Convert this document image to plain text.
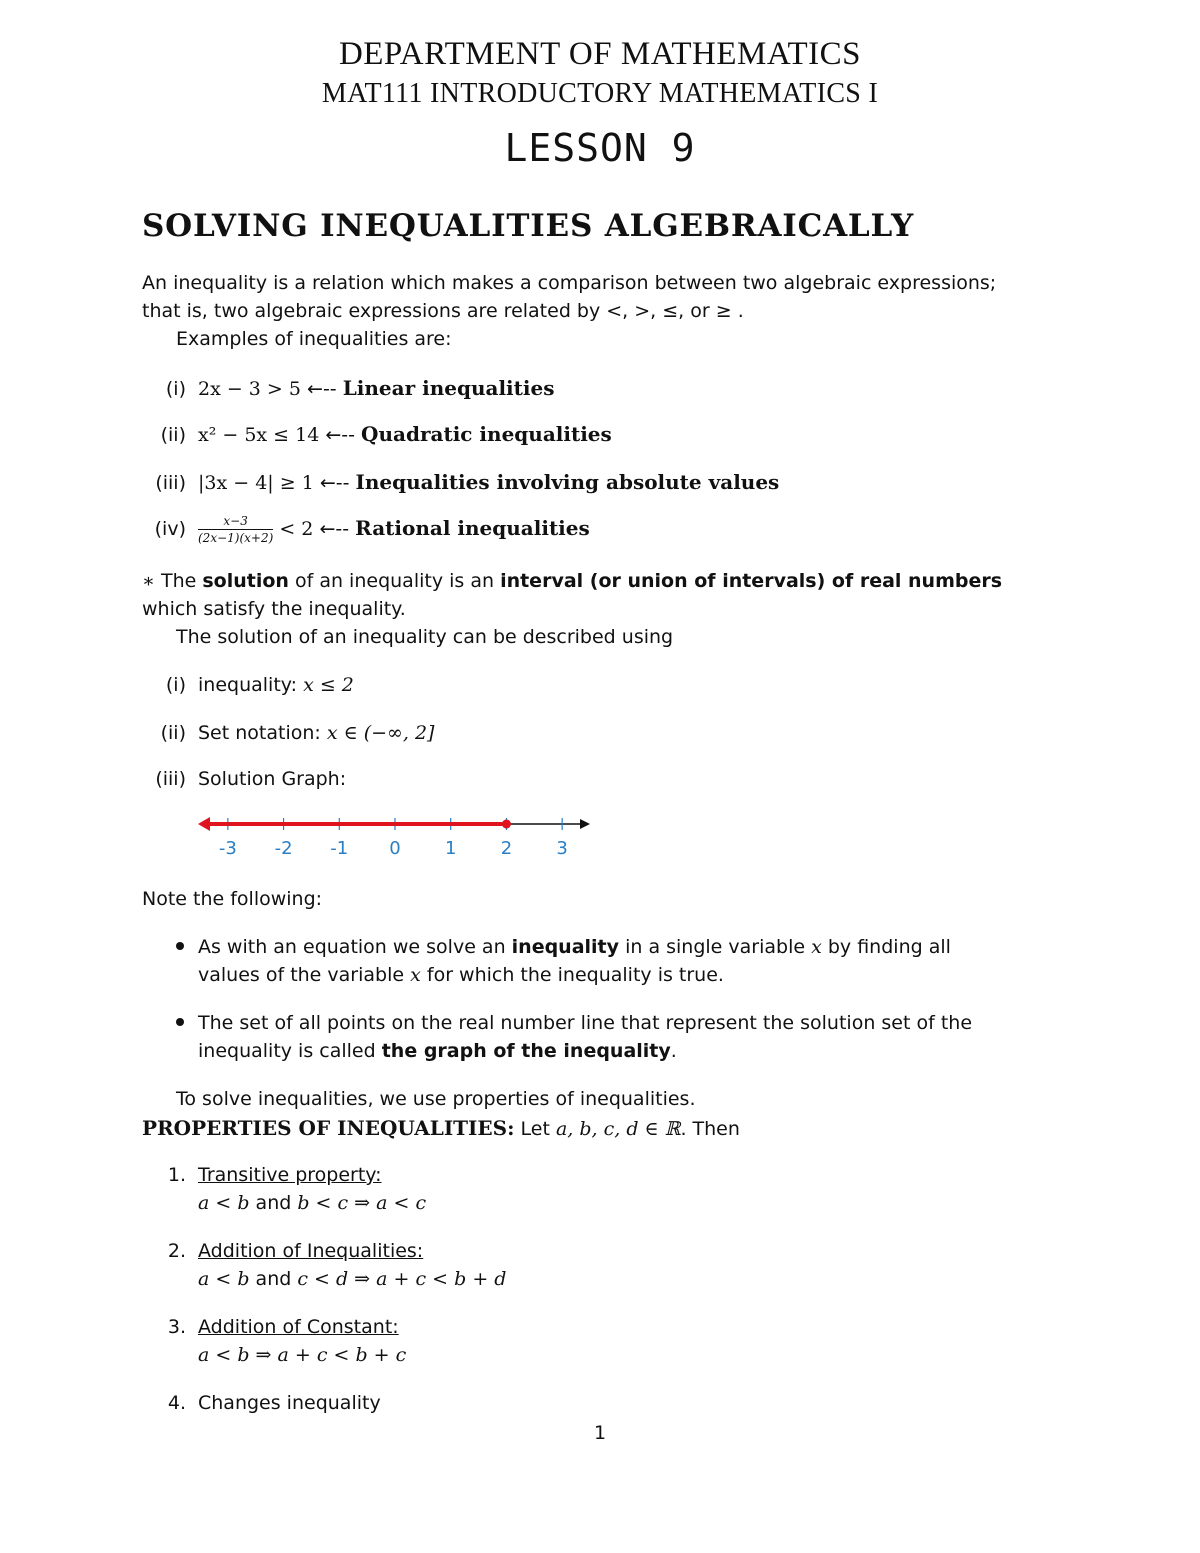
DEPARTMENT OF MATHEMATICS
MAT111 INTRODUCTORY MATHEMATICS I
LESSON 9
SOLVING INEQUALITIES ALGEBRAICALLY
An inequality is a relation which makes a comparison between two algebraic expressions;
that is, two algebraic expressions are related by <, >, ≤, or ≥ .
Examples of inequalities are:
(i) 2x − 3 > 5 ←-- Linear inequalities
(ii) x² − 5x ≤ 14 ←-- Quadratic inequalities
(iii) |3x − 4| ≥ 1 ←-- Inequalities involving absolute values
$(iv) \frac{x-3}{(2x-1)(x+2)} < 2$ ←-- Rational inequalities
∗ The solution of an inequality is an interval (or union of intervals) of real numbers
which satisfy the inequality.
The solution of an inequality can be described using
(i) inequality: x ≤ 2
(ii) Set notation: x ∈ (−∞, 2]
(iii) Solution Graph:
-3 -2 -1 0 1 2 3
Note the following:
As with an equation we solve an inequality in a single variable x by finding all
values of the variable x for which the inequality is true.
The set of all points on the real number line that represent the solution set of the
inequality is called the graph of the inequality.
To solve inequalities, we use properties of inequalities.
PROPERTIES OF INEQUALITIES: Let a, b, c, d ∈ ℝ. Then
1. Transitive property:
a < b and b < c ⇒ a < c
2. Addition of Inequalities:
a < b and c < d ⇒ a + c < b + d
3. Addition of Constant:
a < b ⇒ a + c < b + c
4. Changes inequality
1
